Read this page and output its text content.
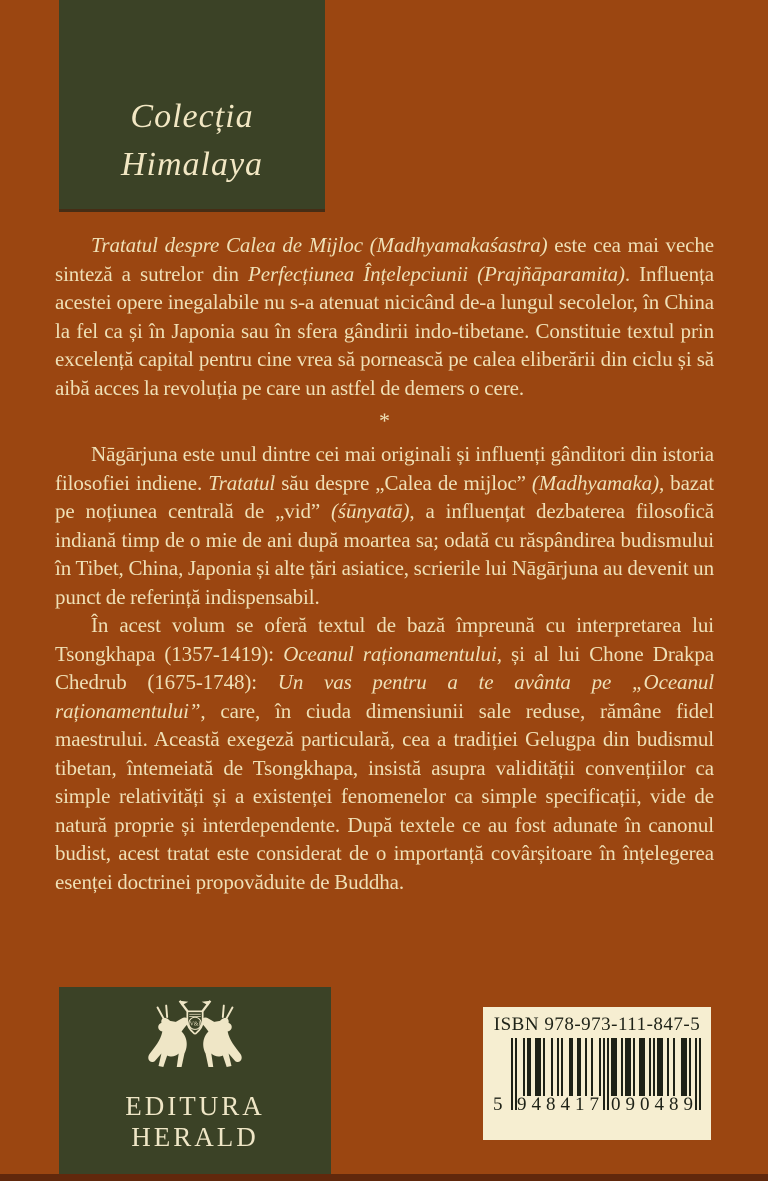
Colecția
Himalaya

Tratatul despre Calea de Mijloc (Madhyamakaśastra) este cea mai veche sinteză a sutrelor din Perfecțiunea Înțelepciunii (Prajñāparamita). Influența acestei opere inegalabile nu s-a atenuat nicicând de-a lungul secolelor, în China la fel ca și în Japonia sau în sfera gândirii indo-tibetane. Constituie textul prin excelență capital pentru cine vrea să pornească pe calea eliberării din ciclu și să aibă acces la revoluția pe care un astfel de demers o cere.

*

Nāgārjuna este unul dintre cei mai originali și influenți gânditori din istoria filosofiei indiene. Tratatul său despre „Calea de mijloc” (Madhyamaka), bazat pe noțiunea centrală de „vid” (śūnyatā), a influențat dezbaterea filosofică indiană timp de o mie de ani după moartea sa; odată cu răspândirea budismului în Tibet, China, Japonia și alte țări asiatice, scrierile lui Nāgārjuna au devenit un punct de referință indispensabil.

În acest volum se oferă textul de bază împreună cu interpretarea lui Tsongkhapa (1357-1419): Oceanul raționamentului, și al lui Chone Drakpa Chedrub (1675-1748): Un vas pentru a te avânta pe „Oceanul raționamentului”, care, în ciuda dimensiunii sale reduse, rămâne fidel maestrului. Această exegeză particulară, cea a tradiției Gelugpa din budismul tibetan, întemeiată de Tsongkhapa, insistă asupra validității convențiilor ca simple relativități și a existenței fenomenelor ca simple specificații, vide de natură proprie și interdependente. După textele ce au fost adunate în canonul budist, acest tratat este considerat de o importanță covârșitoare în înțelegerea esenței doctrinei propovăduite de Buddha.

V&I
EDITURA
HERALD
ISBN 978-973-111-847-5
5 948417 090489
